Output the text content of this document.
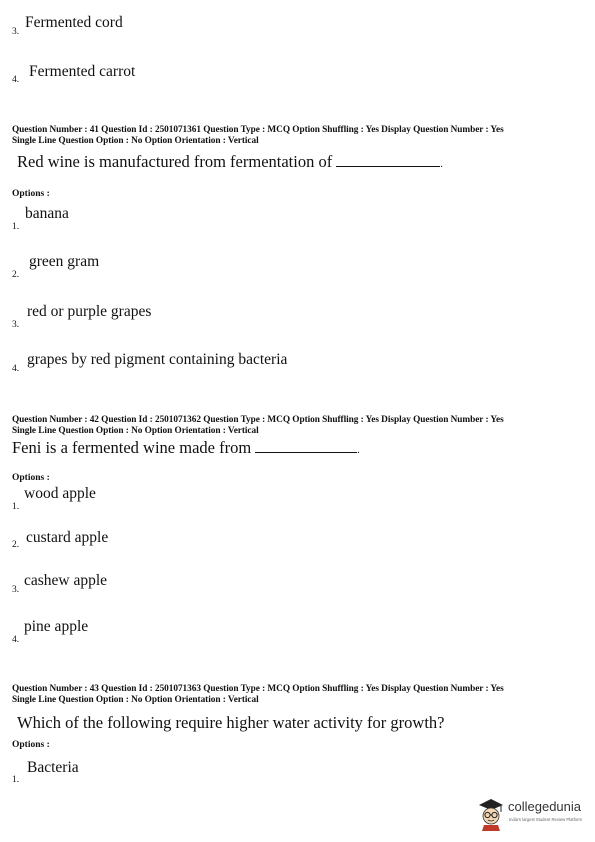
3.
Fermented cord
4. Fermented carrot
Question Number : 41 Question Id : 2501071361 Question Type : MCQ Option Shuffling : Yes Display Question Number : Yes
Single Line Question Option : No Option Orientation : Vertical
Red wine is manufactured from fermentation of	.
Options :
banana
1.
green gram
2.
red or purple grapes
3.
grapes by red pigment containing bacteria
4.
Question Number : 42 Question Id : 2501071362 Question Type : MCQ Option Shuffling : Yes Display Question Number : Yes
Single Line Question Option : No Option Orientation : Vertical
Feni is a fermented wine made from	.
Options :
wood apple
1.
custard apple
2.
cashew apple
3.
pine apple
4.
Question Number : 43 Question Id : 2501071363 Question Type : MCQ Option Shuffling : Yes Display Question Number : Yes
Single Line Question Option : No Option Orientation : Vertical
Which of the following require higher water activity for growth?
Options :
Bacteria
1.
collegedunia
India's largest Student Review Platform
